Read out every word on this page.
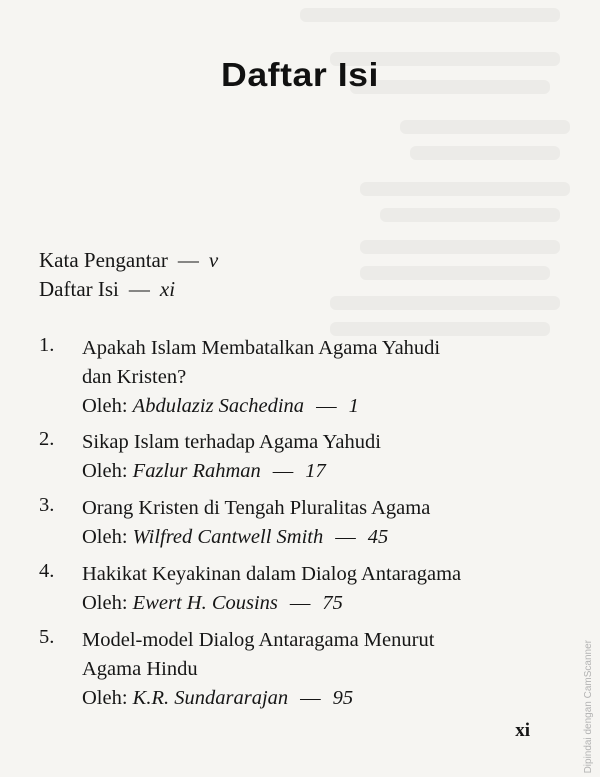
Daftar Isi
Kata Pengantar — v
Daftar Isi — xi
1. Apakah Islam Membatalkan Agama Yahudi
dan Kristen?
Oleh: Abdulaziz Sachedina — 1
2. Sikap Islam terhadap Agama Yahudi
Oleh: Fazlur Rahman — 17
3. Orang Kristen di Tengah Pluralitas Agama
Oleh: Wilfred Cantwell Smith — 45
4. Hakikat Keyakinan dalam Dialog Antaragama
Oleh: Ewert H. Cousins — 75
5. Model-model Dialog Antaragama Menurut
Agama Hindu
Oleh: K.R. Sundararajan — 95
xi	Dipindai dengan CamScanner
